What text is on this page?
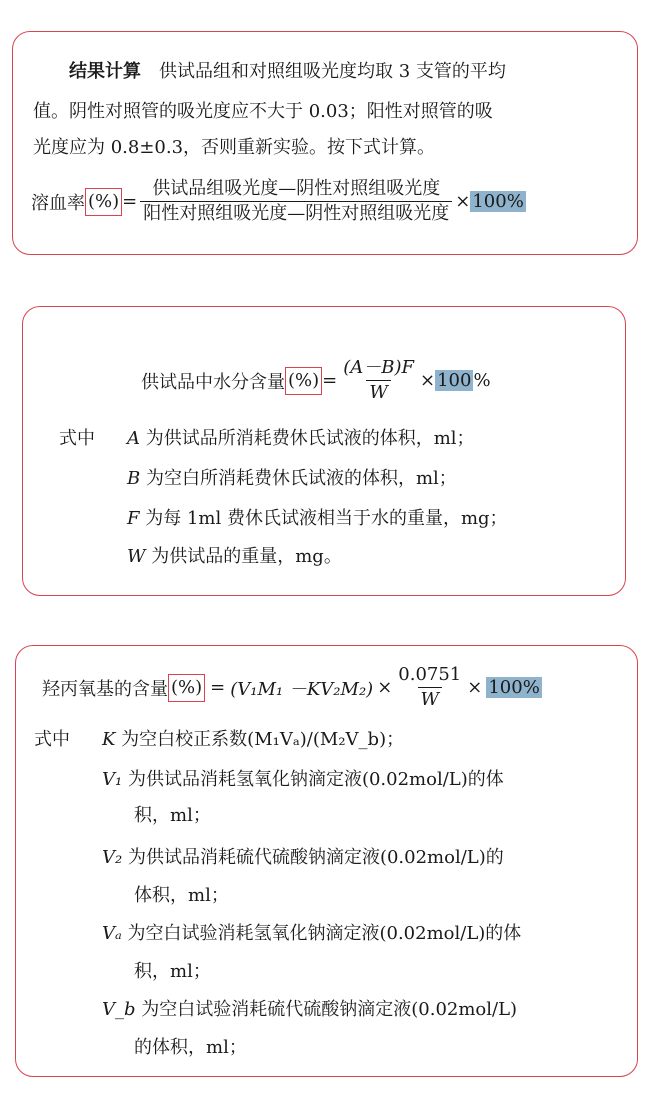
结果计算　 供试品组和对照组吸光度均取 3 支管的平均
值。阴性对照管的吸光度应不大于 0.03；阳性对照管的吸
光度应为 0.8±0.3，否则重新实验。按下式计算。
溶血率 (%) = $\frac{\text{供试品组吸光度—阴性对照组吸光度}}{\text{阳性对照组吸光度—阴性对照组吸光度}} \times 100\%$
供试品中水分含量 (%) = $\frac{(A-B)F}{W} \times 100$ %
式中 A 为供试品所消耗费休氏试液的体积，ml；
B 为空白所消耗费休氏试液的体积，ml；
F 为每 1ml 费休氏试液相当于水的重量，mg；
W 为供试品的重量，mg。
羟丙氧基的含量 (%) = $(V_1M_1 -KV_2M_2) \times \frac{0.0751}{W} \times 100\%$
式中 K 为空白校正系数(M₁Vₐ)/(M₂V_b)；
V₁ 为供试品消耗氢氧化钠滴定液(0.02mol/L)的体
积，ml；
V₂ 为供试品消耗硫代硫酸钠滴定液(0.02mol/L)的
体积，ml；
Vₐ 为空白试验消耗氢氧化钠滴定液(0.02mol/L)的体
积，ml；
V_b 为空白试验消耗硫代硫酸钠滴定液(0.02mol/L)
的体积，ml；
